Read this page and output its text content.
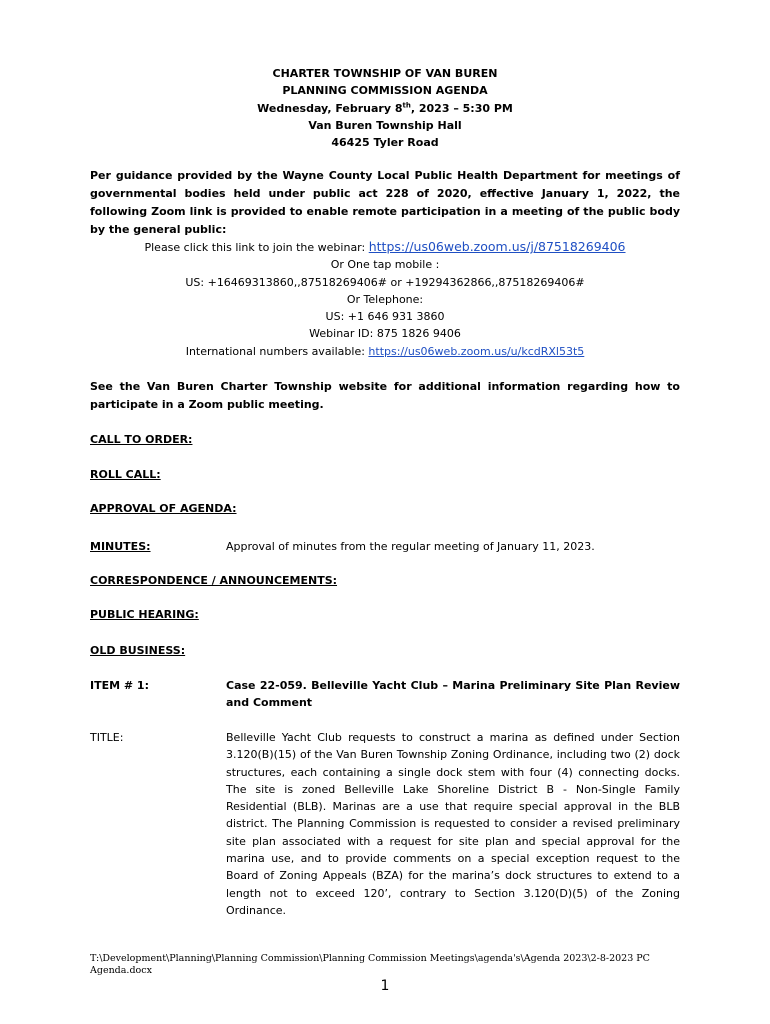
CHARTER TOWNSHIP OF VAN BUREN
PLANNING COMMISSION AGENDA
Wednesday, February 8th, 2023 – 5:30 PM
Van Buren Township Hall
46425 Tyler Road
Per guidance provided by the Wayne County Local Public Health Department for meetings of governmental bodies held under public act 228 of 2020, effective January 1, 2022, the following Zoom link is provided to enable remote participation in a meeting of the public body by the general public:
Please click this link to join the webinar: https://us06web.zoom.us/j/87518269406
Or One tap mobile :
US: +16469313860,,87518269406# or +19294362866,,87518269406#
Or Telephone:
US: +1 646 931 3860
Webinar ID: 875 1826 9406
International numbers available: https://us06web.zoom.us/u/kcdRXl53t5
See the Van Buren Charter Township website for additional information regarding how to participate in a Zoom public meeting.
CALL TO ORDER:
ROLL CALL:
APPROVAL OF AGENDA:
MINUTES:	Approval of minutes from the regular meeting of January 11, 2023.
CORRESPONDENCE / ANNOUNCEMENTS:
PUBLIC HEARING:
OLD BUSINESS:
ITEM # 1:	Case 22-059. Belleville Yacht Club – Marina Preliminary Site Plan Review and Comment
TITLE:	Belleville Yacht Club requests to construct a marina as defined under Section 3.120(B)(15) of the Van Buren Township Zoning Ordinance, including two (2) dock structures, each containing a single dock stem with four (4) connecting docks. The site is zoned Belleville Lake Shoreline District B - Non-Single Family Residential (BLB). Marinas are a use that require special approval in the BLB district. The Planning Commission is requested to consider a revised preliminary site plan associated with a request for site plan and special approval for the marina use, and to provide comments on a special exception request to the Board of Zoning Appeals (BZA) for the marina’s dock structures to extend to a length not to exceed 120’, contrary to Section 3.120(D)(5) of the Zoning Ordinance.
T:\Development\Planning\Planning Commission\Planning Commission Meetings\agenda's\Agenda 2023\2-8-2023 PC Agenda.docx
1
